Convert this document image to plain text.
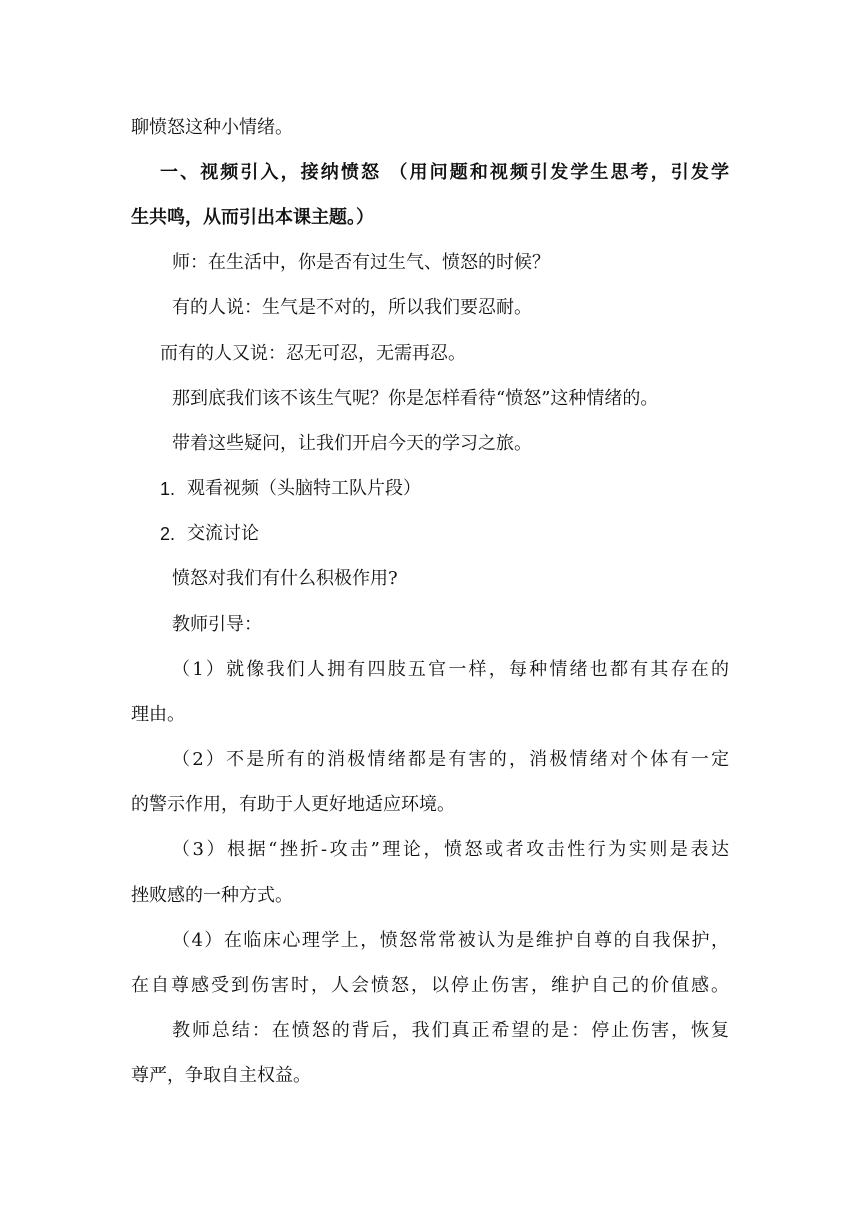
聊愤怒这种小情绪。
一、视频引入，接纳愤怒 （用问题和视频引发学生思考，引发学
生共鸣，从而引出本课主题。）
师：在生活中，你是否有过生气、愤怒的时候？
有的人说：生气是不对的，所以我们要忍耐。
而有的人又说：忍无可忍，无需再忍。
那到底我们该不该生气呢？你是怎样看待“愤怒”这种情绪的。
带着这些疑问，让我们开启今天的学习之旅。
1. 观看视频（头脑特工队片段）
2. 交流讨论
愤怒对我们有什么积极作用?
教师引导：
（1）就像我们人拥有四肢五官一样，每种情绪也都有其存在的
理由。
（2）不是所有的消极情绪都是有害的，消极情绪对个体有一定
的警示作用，有助于人更好地适应环境。
（3）根据“挫折-攻击”理论，愤怒或者攻击性行为实则是表达
挫败感的一种方式。
（4）在临床心理学上，愤怒常常被认为是维护自尊的自我保护，
在自尊感受到伤害时，人会愤怒，以停止伤害，维护自己的价值感。
教师总结：在愤怒的背后，我们真正希望的是：停止伤害，恢复
尊严，争取自主权益。
